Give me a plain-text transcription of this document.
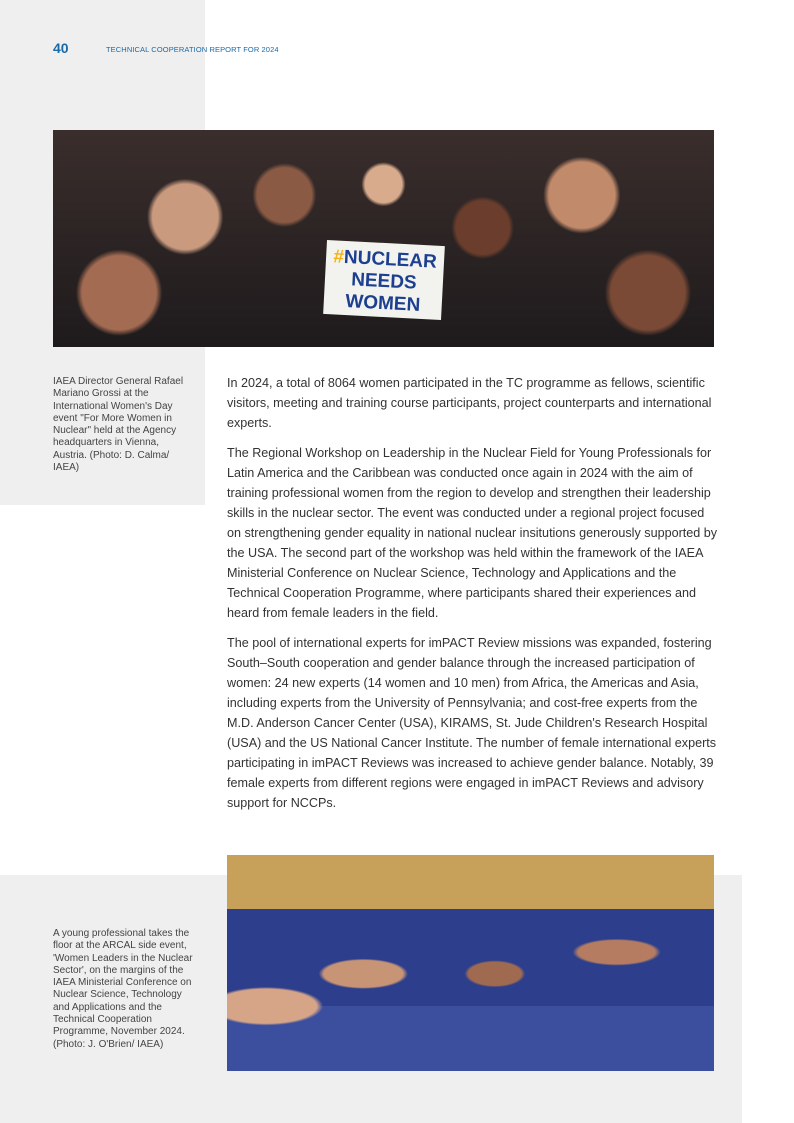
40	TECHNICAL COOPERATION REPORT FOR 2024
#NUCLEAR
NEEDS
WOMEN
IAEA Director General Rafael Mariano Grossi at the International Women's Day event "For More Women in Nuclear" held at the Agency headquarters in Vienna, Austria. (Photo: D. Calma/ IAEA)

In 2024, a total of 8064 women participated in the TC programme as fellows, scientific visitors, meeting and training course participants, project counterparts and international experts.

The Regional Workshop on Leadership in the Nuclear Field for Young Professionals for Latin America and the Caribbean was conducted once again in 2024 with the aim of training professional women from the region to develop and strengthen their leadership skills in the nuclear sector. The event was conducted under a regional project focused on strengthening gender equality in national nuclear insitutions generously supported by the USA. The second part of the workshop was held within the framework of the IAEA Ministerial Conference on Nuclear Science, Technology and Applications and the Technical Cooperation Programme, where participants shared their experiences and heard from female leaders in the field.

The pool of international experts for imPACT Review missions was expanded, fostering South–South cooperation and gender balance through the increased participation of women: 24 new experts (14 women and 10 men) from Africa, the Americas and Asia, including experts from the University of Pennsylvania; and cost-free experts from the M.D. Anderson Cancer Center (USA), KIRAMS, St. Jude Children's Research Hospital (USA) and the US National Cancer Institute. The number of female international experts participating in imPACT Reviews was increased to achieve gender balance. Notably, 39 female experts from different regions were engaged in imPACT Reviews and advisory support for NCCPs.

A young professional takes the floor at the ARCAL side event, 'Women Leaders in the Nuclear Sector', on the margins of the IAEA Ministerial Conference on Nuclear Science, Technology and Applications and the Technical Cooperation Programme, November 2024. (Photo: J. O'Brien/ IAEA)
